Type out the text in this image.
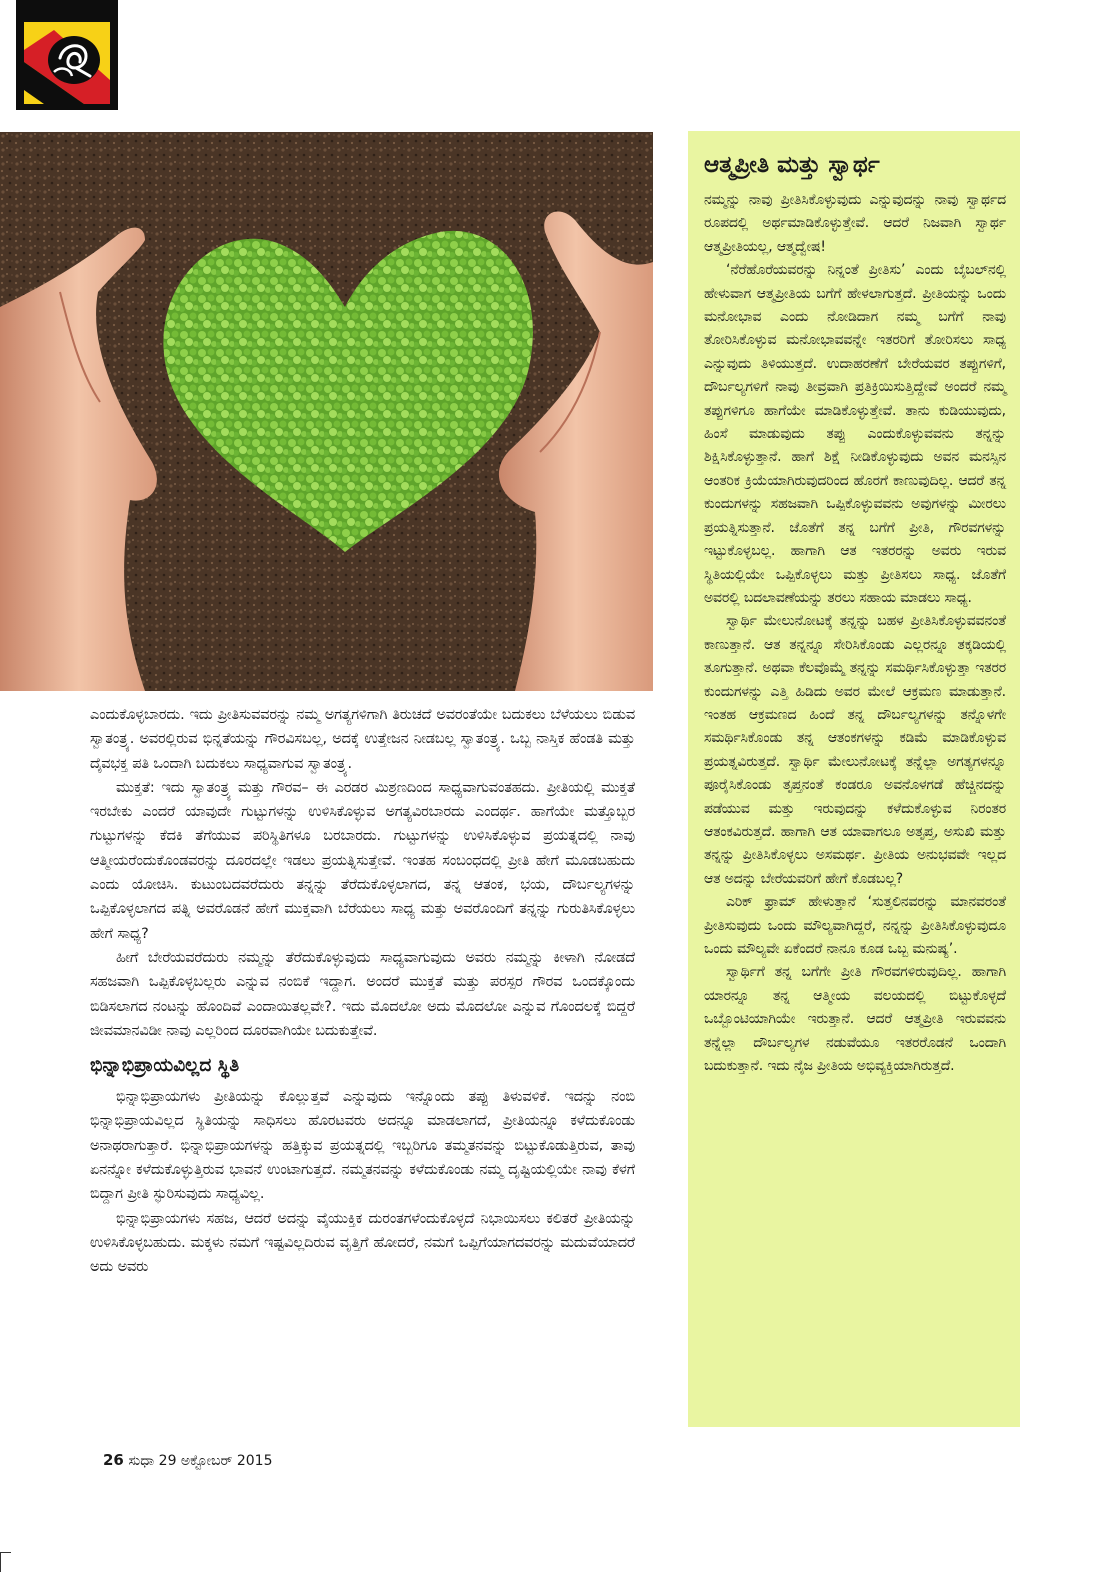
ಎಂದುಕೊಳ್ಳಬಾರದು. ಇದು ಪ್ರೀತಿಸುವವರನ್ನು ನಮ್ಮ ಅಗತ್ಯಗಳಿಗಾಗಿ ತಿರುಚದೆ ಅವರಂತೆಯೇ ಬದುಕಲು ಬೆಳೆಯಲು ಬಿಡುವ ಸ್ವಾತಂತ್ರ್ಯ. ಅವರಲ್ಲಿರುವ ಭಿನ್ನತೆಯನ್ನು ಗೌರವಿಸಬಲ್ಲ, ಅದಕ್ಕೆ ಉತ್ತೇಜನ ನೀಡಬಲ್ಲ ಸ್ವಾತಂತ್ರ್ಯ. ಒಬ್ಬ ನಾಸ್ತಿಕ ಹೆಂಡತಿ ಮತ್ತು ದೈವಭಕ್ತ ಪತಿ ಒಂದಾಗಿ ಬದುಕಲು ಸಾಧ್ಯವಾಗುವ ಸ್ವಾತಂತ್ರ್ಯ.

ಮುಕ್ತತೆ: ಇದು ಸ್ವಾತಂತ್ರ್ಯ ಮತ್ತು ಗೌರವ– ಈ ಎರಡರ ಮಿಶ್ರಣದಿಂದ ಸಾಧ್ಯವಾಗುವಂತಹದು. ಪ್ರೀತಿಯಲ್ಲಿ ಮುಕ್ತತೆ ಇರಬೇಕು ಎಂದರೆ ಯಾವುದೇ ಗುಟ್ಟುಗಳನ್ನು ಉಳಿಸಿಕೊಳ್ಳುವ ಅಗತ್ಯವಿರಬಾರದು ಎಂದರ್ಥ. ಹಾಗೆಯೇ ಮತ್ತೊಬ್ಬರ ಗುಟ್ಟುಗಳನ್ನು ಕೆದಕಿ ತೆಗೆಯುವ ಪರಿಸ್ಥಿತಿಗಳೂ ಬರಬಾರದು. ಗುಟ್ಟುಗಳನ್ನು ಉಳಿಸಿಕೊಳ್ಳುವ ಪ್ರಯತ್ನದಲ್ಲಿ ನಾವು ಆತ್ಮೀಯರೆಂದುಕೊಂಡವರನ್ನು ದೂರದಲ್ಲೇ ಇಡಲು ಪ್ರಯತ್ನಿಸುತ್ತೇವೆ. ಇಂತಹ ಸಂಬಂಧದಲ್ಲಿ ಪ್ರೀತಿ ಹೇಗೆ ಮೂಡಬಹುದು ಎಂದು ಯೋಚಿಸಿ. ಕುಟುಂಬದವರೆದುರು ತನ್ನನ್ನು ತೆರೆದುಕೊಳ್ಳಲಾಗದ, ತನ್ನ ಆತಂಕ, ಭಯ, ದೌರ್ಬಲ್ಯಗಳನ್ನು ಒಪ್ಪಿಕೊಳ್ಳಲಾಗದ ಪತ್ನಿ ಅವರೊಡನೆ ಹೇಗೆ ಮುಕ್ತವಾಗಿ ಬೆರೆಯಲು ಸಾಧ್ಯ ಮತ್ತು ಅವರೊಂದಿಗೆ ತನ್ನನ್ನು ಗುರುತಿಸಿಕೊಳ್ಳಲು ಹೇಗೆ ಸಾಧ್ಯ?

ಹೀಗೆ ಬೇರೆಯವರೆದುರು ನಮ್ಮನ್ನು ತೆರೆದುಕೊಳ್ಳುವುದು ಸಾಧ್ಯವಾಗುವುದು ಅವರು ನಮ್ಮನ್ನು ಕೀಳಾಗಿ ನೋಡದೆ ಸಹಜವಾಗಿ ಒಪ್ಪಿಕೊಳ್ಳಬಲ್ಲರು ಎನ್ನುವ ನಂಬಿಕೆ ಇದ್ದಾಗ. ಅಂದರೆ ಮುಕ್ತತೆ ಮತ್ತು ಪರಸ್ಪರ ಗೌರವ ಒಂದಕ್ಕೊಂದು ಬಿಡಿಸಲಾಗದ ನಂಟನ್ನು ಹೊಂದಿವೆ ಎಂದಾಯಿತಲ್ಲವೇ?. ಇದು ಮೊದಲೋ ಅದು ಮೊದಲೋ ಎನ್ನುವ ಗೊಂದಲಕ್ಕೆ ಬಿದ್ದರೆ ಜೀವಮಾನವಿಡೀ ನಾವು ಎಲ್ಲರಿಂದ ದೂರವಾಗಿಯೇ ಬದುಕುತ್ತೇವೆ.

ಭಿನ್ನಾಭಿಪ್ರಾಯವಿಲ್ಲದ ಸ್ಥಿತಿ

ಭಿನ್ನಾಭಿಪ್ರಾಯಗಳು ಪ್ರೀತಿಯನ್ನು ಕೊಲ್ಲುತ್ತವೆ ಎನ್ನುವುದು ಇನ್ನೊಂದು ತಪ್ಪು ತಿಳುವಳಿಕೆ. ಇದನ್ನು ನಂಬಿ ಭಿನ್ನಾಭಿಪ್ರಾಯವಿಲ್ಲದ ಸ್ಥಿತಿಯನ್ನು ಸಾಧಿಸಲು ಹೊರಟವರು ಅದನ್ನೂ ಮಾಡಲಾಗದೆ, ಪ್ರೀತಿಯನ್ನೂ ಕಳೆದುಕೊಂಡು ಅನಾಥರಾಗುತ್ತಾರೆ. ಭಿನ್ನಾಭಿಪ್ರಾಯಗಳನ್ನು ಹತ್ತಿಕ್ಕುವ ಪ್ರಯತ್ನದಲ್ಲಿ ಇಬ್ಬರಿಗೂ ತಮ್ಮತನವನ್ನು ಬಿಟ್ಟುಕೊಡುತ್ತಿರುವ, ತಾವು ಏನನ್ನೋ ಕಳೆದುಕೊಳ್ಳುತ್ತಿರುವ ಭಾವನೆ ಉಂಟಾಗುತ್ತದೆ. ನಮ್ಮತನವನ್ನು ಕಳೆದುಕೊಂಡು ನಮ್ಮ ದೃಷ್ಟಿಯಲ್ಲಿಯೇ ನಾವು ಕೆಳಗೆ ಬಿದ್ದಾಗ ಪ್ರೀತಿ ಸ್ಫುರಿಸುವುದು ಸಾಧ್ಯವಿಲ್ಲ.

ಭಿನ್ನಾಭಿಪ್ರಾಯಗಳು ಸಹಜ, ಆದರೆ ಅದನ್ನು ವೈಯುಕ್ತಿಕ ದುರಂತಗಳೆಂದುಕೊಳ್ಳದೆ ನಿಭಾಯಿಸಲು ಕಲಿತರೆ ಪ್ರೀತಿಯನ್ನು ಉಳಿಸಿಕೊಳ್ಳಬಹುದು. ಮಕ್ಕಳು ನಮಗೆ ಇಷ್ಟವಿಲ್ಲದಿರುವ ವೃತ್ತಿಗೆ ಹೋದರೆ, ನಮಗೆ ಒಪ್ಪಿಗೆಯಾಗದವರನ್ನು ಮದುವೆಯಾದರೆ ಅದು ಅವರು

ಆತ್ಮಪ್ರೀತಿ ಮತ್ತು ಸ್ವಾರ್ಥ

ನಮ್ಮನ್ನು ನಾವು ಪ್ರೀತಿಸಿಕೊಳ್ಳುವುದು ಎನ್ನುವುದನ್ನು ನಾವು ಸ್ವಾರ್ಥದ ರೂಪದಲ್ಲಿ ಅರ್ಥಮಾಡಿಕೊಳ್ಳುತ್ತೇವೆ. ಆದರೆ ನಿಜವಾಗಿ ಸ್ವಾರ್ಥ ಆತ್ಮಪ್ರೀತಿಯಲ್ಲ, ಆತ್ಮದ್ವೇಷ!

‘ನೆರೆಹೊರೆಯವರನ್ನು ನಿನ್ನಂತೆ ಪ್ರೀತಿಸು’ ಎಂದು ಬೈಬಲ್‌ನಲ್ಲಿ ಹೇಳುವಾಗ ಆತ್ಮಪ್ರೀತಿಯ ಬಗೆಗೆ ಹೇಳಲಾಗುತ್ತದೆ. ಪ್ರೀತಿಯನ್ನು ಒಂದು ಮನೋಭಾವ ಎಂದು ನೋಡಿದಾಗ ನಮ್ಮ ಬಗೆಗೆ ನಾವು ತೋರಿಸಿಕೊಳ್ಳುವ ಮನೋಭಾವವನ್ನೇ ಇತರರಿಗೆ ತೋರಿಸಲು ಸಾಧ್ಯ ಎನ್ನುವುದು ತಿಳಿಯುತ್ತದೆ. ಉದಾಹರಣೆಗೆ ಬೇರೆಯವರ ತಪ್ಪುಗಳಿಗೆ, ದೌರ್ಬಲ್ಯಗಳಿಗೆ ನಾವು ತೀವ್ರವಾಗಿ ಪ್ರತಿಕ್ರಿಯಿಸುತ್ತಿದ್ದೇವೆ ಅಂದರೆ ನಮ್ಮ ತಪ್ಪುಗಳಿಗೂ ಹಾಗೆಯೇ ಮಾಡಿಕೊಳ್ಳುತ್ತೇವೆ. ತಾನು ಕುಡಿಯುವುದು, ಹಿಂಸೆ ಮಾಡುವುದು ತಪ್ಪು ಎಂದುಕೊಳ್ಳುವವನು ತನ್ನನ್ನು ಶಿಕ್ಷಿಸಿಕೊಳ್ಳುತ್ತಾನೆ. ಹಾಗೆ ಶಿಕ್ಷೆ ನೀಡಿಕೊಳ್ಳುವುದು ಅವನ ಮನಸ್ಸಿನ ಆಂತರಿಕ ಕ್ರಿಯೆಯಾಗಿರುವುದರಿಂದ ಹೊರಗೆ ಕಾಣುವುದಿಲ್ಲ. ಆದರೆ ತನ್ನ ಕುಂದುಗಳನ್ನು ಸಹಜವಾಗಿ ಒಪ್ಪಿಕೊಳ್ಳುವವನು ಅವುಗಳನ್ನು ಮೀರಲು ಪ್ರಯತ್ನಿಸುತ್ತಾನೆ. ಜೊತೆಗೆ ತನ್ನ ಬಗೆಗೆ ಪ್ರೀತಿ, ಗೌರವಗಳನ್ನು ಇಟ್ಟುಕೊಳ್ಳಬಲ್ಲ. ಹಾಗಾಗಿ ಆತ ಇತರರನ್ನು ಅವರು ಇರುವ ಸ್ಥಿತಿಯಲ್ಲಿಯೇ ಒಪ್ಪಿಕೊಳ್ಳಲು ಮತ್ತು ಪ್ರೀತಿಸಲು ಸಾಧ್ಯ. ಜೊತೆಗೆ ಅವರಲ್ಲಿ ಬದಲಾವಣೆಯನ್ನು ತರಲು ಸಹಾಯ ಮಾಡಲು ಸಾಧ್ಯ.

ಸ್ವಾರ್ಥಿ ಮೇಲುನೋಟಕ್ಕೆ ತನ್ನನ್ನು ಬಹಳ ಪ್ರೀತಿಸಿಕೊಳ್ಳುವವನಂತೆ ಕಾಣುತ್ತಾನೆ. ಆತ ತನ್ನನ್ನೂ ಸೇರಿಸಿಕೊಂಡು ಎಲ್ಲರನ್ನೂ ತಕ್ಕಡಿಯಲ್ಲಿ ತೂಗುತ್ತಾನೆ. ಅಥವಾ ಕೆಲವೊಮ್ಮೆ ತನ್ನನ್ನು ಸಮರ್ಥಿಸಿಕೊಳ್ಳುತ್ತಾ ಇತರರ ಕುಂದುಗಳನ್ನು ಎತ್ತಿ ಹಿಡಿದು ಅವರ ಮೇಲೆ ಆಕ್ರಮಣ ಮಾಡುತ್ತಾನೆ. ಇಂತಹ ಆಕ್ರಮಣದ ಹಿಂದೆ ತನ್ನ ದೌರ್ಬಲ್ಯಗಳನ್ನು ತನ್ನೊಳಗೇ ಸಮರ್ಥಿಸಿಕೊಂಡು ತನ್ನ ಆತಂಕಗಳನ್ನು ಕಡಿಮೆ ಮಾಡಿಕೊಳ್ಳುವ ಪ್ರಯತ್ನವಿರುತ್ತದೆ. ಸ್ವಾರ್ಥಿ ಮೇಲುನೋಟಕ್ಕೆ ತನ್ನೆಲ್ಲಾ ಅಗತ್ಯಗಳನ್ನೂ ಪೂರೈಸಿಕೊಂಡು ತೃಪ್ತನಂತೆ ಕಂಡರೂ ಅವನೊಳಗಡೆ ಹೆಚ್ಚಿನದನ್ನು ಪಡೆಯುವ ಮತ್ತು ಇರುವುದನ್ನು ಕಳೆದುಕೊಳ್ಳುವ ನಿರಂತರ ಆತಂಕವಿರುತ್ತದೆ. ಹಾಗಾಗಿ ಆತ ಯಾವಾಗಲೂ ಅತೃಪ್ತ, ಅಸುಖಿ ಮತ್ತು ತನ್ನನ್ನು ಪ್ರೀತಿಸಿಕೊಳ್ಳಲು ಅಸಮರ್ಥ. ಪ್ರೀತಿಯ ಅನುಭವವೇ ಇಲ್ಲದ ಆತ ಅದನ್ನು ಬೇರೆಯವರಿಗೆ ಹೇಗೆ ಕೊಡಬಲ್ಲ?

ಎರಿಕ್ ಫ್ರಾಮ್ ಹೇಳುತ್ತಾನೆ ‘ಸುತ್ತಲಿನವರನ್ನು ಮಾನವರಂತೆ ಪ್ರೀತಿಸುವುದು ಒಂದು ಮೌಲ್ಯವಾಗಿದ್ದರೆ, ನನ್ನನ್ನು ಪ್ರೀತಿಸಿಕೊಳ್ಳುವುದೂ ಒಂದು ಮೌಲ್ಯವೇ ಏಕೆಂದರೆ ನಾನೂ ಕೂಡ ಒಬ್ಬ ಮನುಷ್ಯ’.

ಸ್ವಾರ್ಥಿಗೆ ತನ್ನ ಬಗೆಗೇ ಪ್ರೀತಿ ಗೌರವಗಳಿರುವುದಿಲ್ಲ. ಹಾಗಾಗಿ ಯಾರನ್ನೂ ತನ್ನ ಆತ್ಮೀಯ ವಲಯದಲ್ಲಿ ಬಿಟ್ಟುಕೊಳ್ಳದೆ ಒಬ್ಬೊಂಟಿಯಾಗಿಯೇ ಇರುತ್ತಾನೆ. ಆದರೆ ಆತ್ಮಪ್ರೀತಿ ಇರುವವನು ತನ್ನೆಲ್ಲಾ ದೌರ್ಬಲ್ಯಗಳ ನಡುವೆಯೂ ಇತರರೊಡನೆ ಒಂದಾಗಿ ಬದುಕುತ್ತಾನೆ. ಇದು ನೈಜ ಪ್ರೀತಿಯ ಅಭಿವ್ಯಕ್ತಿಯಾಗಿರುತ್ತದೆ.

26 ಸುಧಾ 29 ಅಕ್ಟೋಬರ್ 2015
